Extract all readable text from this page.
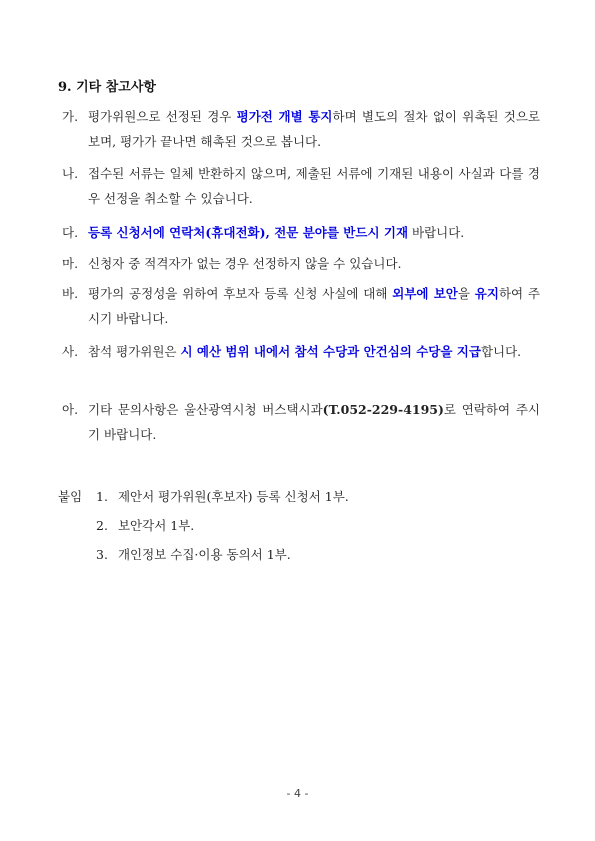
9. 기타 참고사항
가. 평가위원으로 선정된 경우 평가전 개별 통지하며 별도의 절차 없이 위촉된 것으로 보며, 평가가 끝나면 해촉된 것으로 봅니다.
나. 접수된 서류는 일체 반환하지 않으며, 제출된 서류에 기재된 내용이 사실과 다를 경우 선정을 취소할 수 있습니다.
다. 등록 신청서에 연락처(휴대전화), 전문 분야를 반드시 기재 바랍니다.
마. 신청자 중 적격자가 없는 경우 선정하지 않을 수 있습니다.
바. 평가의 공정성을 위하여 후보자 등록 신청 사실에 대해 외부에 보안을 유지하여 주시기 바랍니다.
사. 참석 평가위원은 시 예산 범위 내에서 참석 수당과 안건심의 수당을 지급합니다.
아. 기타 문의사항은 울산광역시청 버스택시과(T.052-229-4195)로 연락하여 주시기 바랍니다.
붙임 1. 제안서 평가위원(후보자) 등록 신청서 1부.
2. 보안각서 1부.
3. 개인정보 수집·이용 동의서 1부.
- 4 -
